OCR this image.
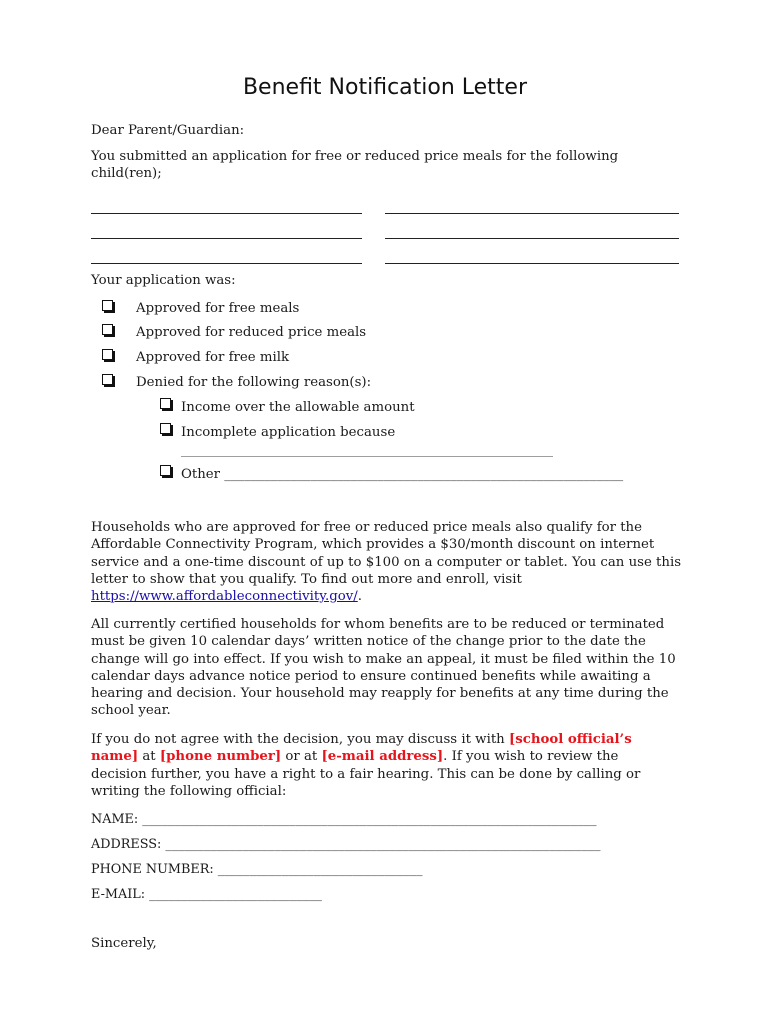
Benefit Notification Letter
Dear Parent/Guardian:
You submitted an application for free or reduced price meals for the following child(ren);
Your application was:
Approved for free meals
Approved for reduced price meals
Approved for free milk
Denied for the following reason(s):
Income over the allowable amount
Incomplete application because
______________________________________________________________
Other ____________________________________________________________
Households who are approved for free or reduced price meals also qualify for the Affordable Connectivity Program, which provides a $30/month discount on internet service and a one-time discount of up to $100 on a computer or tablet. You can use this letter to show that you qualify. To find out more and enroll, visit https://www.affordableconnectivity.gov/.
All currently certified households for whom benefits are to be reduced or terminated must be given 10 calendar days’ written notice of the change prior to the date the change will go into effect. If you wish to make an appeal, it must be filed within the 10 calendar days advance notice period to ensure continued benefits while awaiting a hearing and decision. Your household may reapply for benefits at any time during the school year.
If you do not agree with the decision, you may discuss it with [school official’s name] at [phone number] or at [e-mail address]. If you wish to review the decision further, you have a right to a fair hearing. This can be done by calling or writing the following official:
NAME: _______________________________________________________________________
ADDRESS: ____________________________________________________________________
PHONE NUMBER: ________________________________
E-MAIL: ___________________________
Sincerely,
